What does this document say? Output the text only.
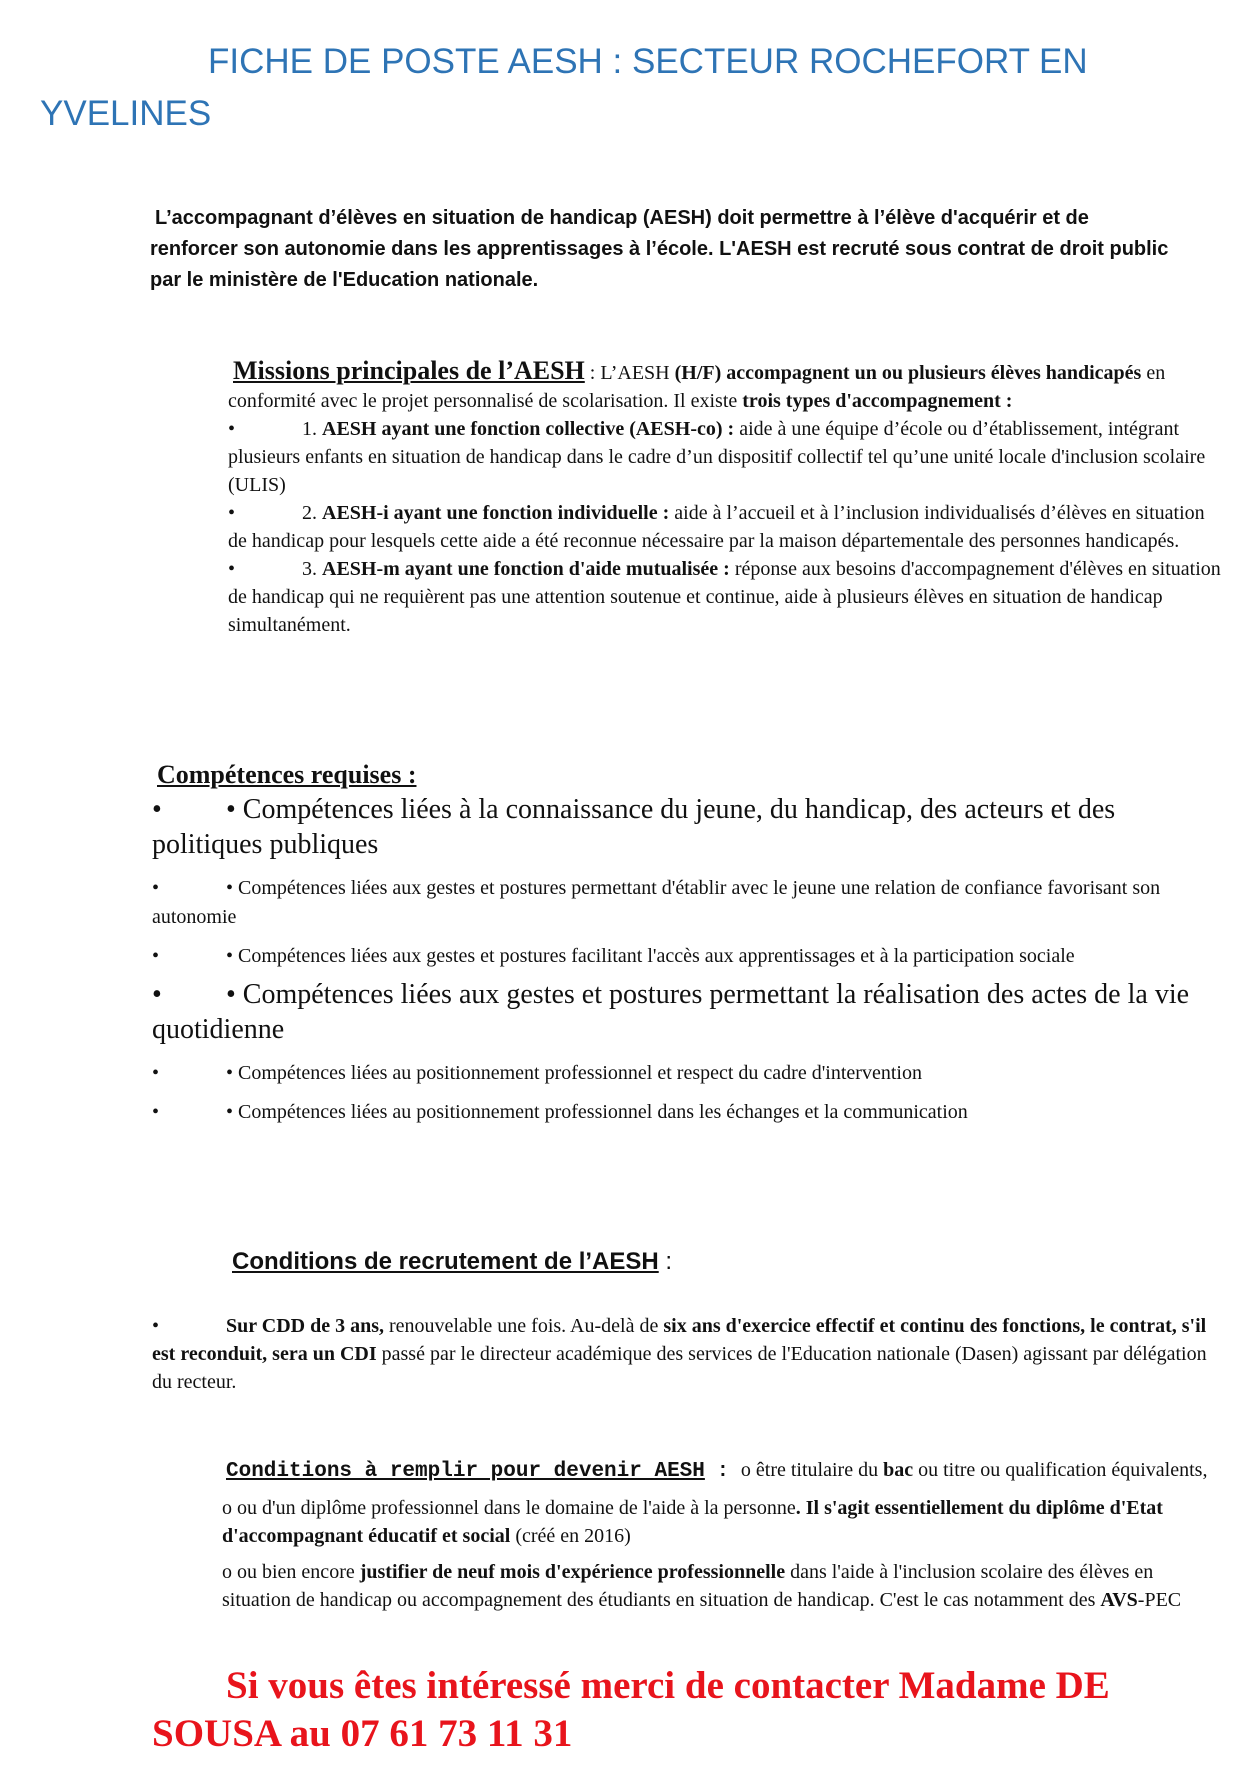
FICHE DE POSTE AESH : SECTEUR ROCHEFORT EN YVELINES
L’accompagnant d’élèves en situation de handicap (AESH) doit permettre à l’élève d'acquérir et de
renforcer son autonomie dans les apprentissages à l’école. L'AESH est recruté sous contrat de droit public
par le ministère de l'Education nationale.
Missions principales de l’AESH : L’AESH (H/F) accompagnent un ou plusieurs élèves handicapés en conformité avec le projet personnalisé de scolarisation. Il existe trois types d'accompagnement :
•	1. AESH ayant une fonction collective (AESH-co) : aide à une équipe d’école ou d’établissement, intégrant plusieurs enfants en situation de handicap dans le cadre d’un dispositif collectif tel qu’une unité locale d'inclusion scolaire (ULIS)
•	2. AESH-i ayant une fonction individuelle : aide à l’accueil et à l’inclusion individualisés d’élèves en situation de handicap pour lesquels cette aide a été reconnue nécessaire par la maison départementale des personnes handicapés.
•	3. AESH-m ayant une fonction d'aide mutualisée : réponse aux besoins d'accompagnement d'élèves en situation de handicap qui ne requièrent pas une attention soutenue et continue, aide à plusieurs élèves en situation de handicap simultanément.
Compétences requises :

• • Compétences liées à la connaissance du jeune, du handicap, des acteurs et des politiques publiques

•	• Compétences liées aux gestes et postures permettant d'établir avec le jeune une relation de confiance favorisant son autonomie

•	• Compétences liées aux gestes et postures facilitant l'accès aux apprentissages et à la participation sociale

• • Compétences liées aux gestes et postures permettant la réalisation des actes de la vie quotidienne

•	• Compétences liées au positionnement professionnel et respect du cadre d'intervention

•	• Compétences liées au positionnement professionnel dans les échanges et la communication

Conditions de recrutement de l’AESH :
•	Sur CDD de 3 ans, renouvelable une fois. Au-delà de six ans d'exercice effectif et continu des fonctions, le contrat, s'il est reconduit, sera un CDI passé par le directeur académique des services de l'Education nationale (Dasen) agissant par délégation du recteur.
Conditions à remplir pour devenir AESH : o être titulaire du bac ou titre ou qualification équivalents,
o ou d'un diplôme professionnel dans le domaine de l'aide à la personne. Il s'agit essentiellement du diplôme d'Etat d'accompagnant éducatif et social (créé en 2016)
o ou bien encore justifier de neuf mois d'expérience professionnelle dans l'aide à l'inclusion scolaire des élèves en situation de handicap ou accompagnement des étudiants en situation de handicap. C'est le cas notamment des AVS-PEC
Si vous êtes intéressé merci de contacter Madame DE SOUSA au 07 61 73 11 31
